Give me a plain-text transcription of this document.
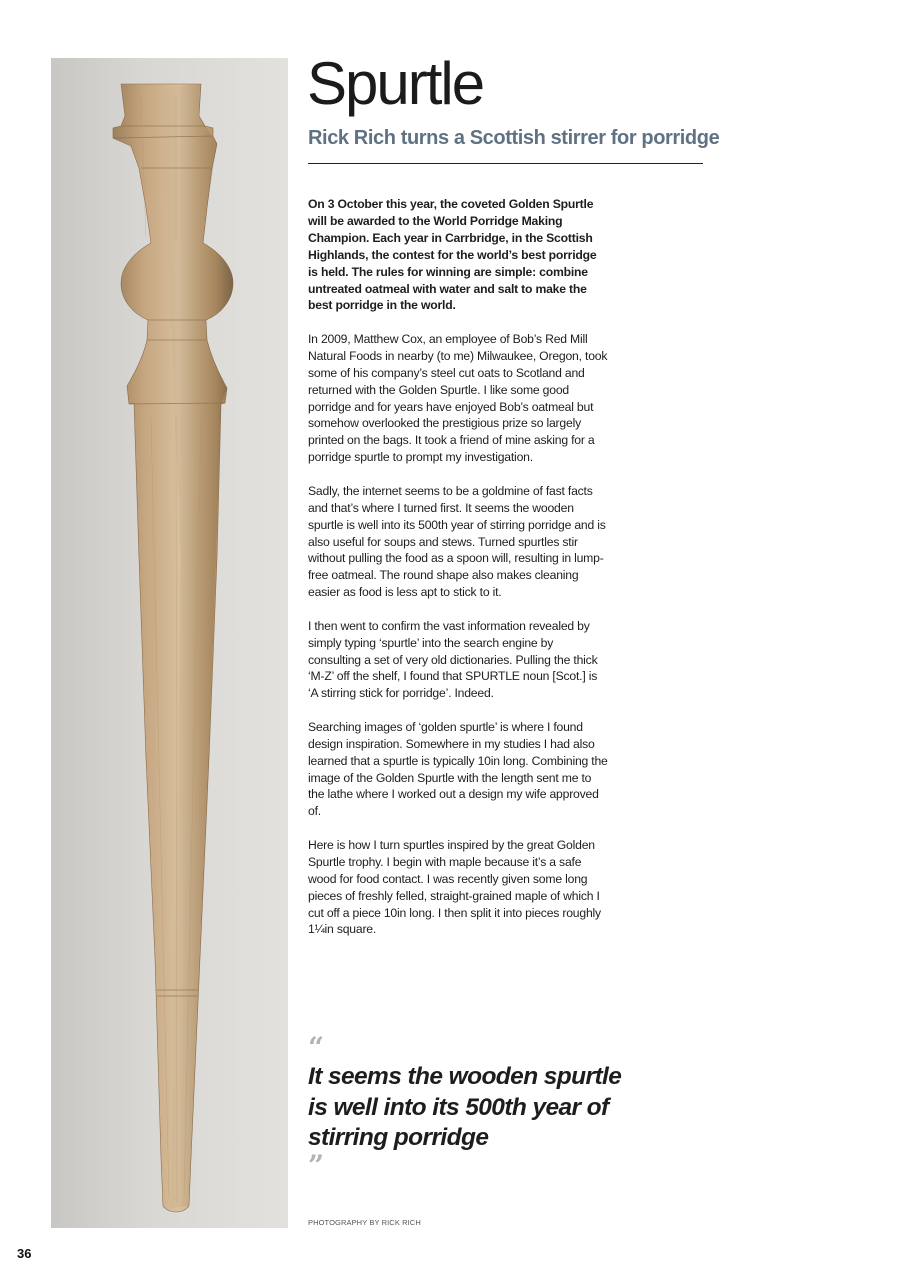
Spurtle
Rick Rich turns a Scottish stirrer for porridge

On 3 October this year, the coveted Golden Spurtle will be awarded to the World Porridge Making Champion. Each year in Carrbridge, in the Scottish Highlands, the contest for the world’s best porridge is held. The rules for winning are simple: combine untreated oatmeal with water and salt to make the best porridge in the world.

In 2009, Matthew Cox, an employee of Bob’s Red Mill Natural Foods in nearby (to me) Milwaukee, Oregon, took some of his company’s steel cut oats to Scotland and returned with the Golden Spurtle. I like some good porridge and for years have enjoyed Bob’s oatmeal but somehow overlooked the prestigious prize so largely printed on the bags. It took a friend of mine asking for a porridge spurtle to prompt my investigation.

Sadly, the internet seems to be a goldmine of fast facts and that’s where I turned first. It seems the wooden spurtle is well into its 500th year of stirring porridge and is also useful for soups and stews. Turned spurtles stir without pulling the food as a spoon will, resulting in lump-free oatmeal. The round shape also makes cleaning easier as food is less apt to stick to it.

I then went to confirm the vast information revealed by simply typing ‘spurtle’ into the search engine by consulting a set of very old dictionaries. Pulling the thick ‘M-Z’ off the shelf, I found that SPURTLE noun [Scot.] is ‘A stirring stick for porridge’. Indeed.

Searching images of ‘golden spurtle’ is where I found design inspiration. Somewhere in my studies I had also learned that a spurtle is typically 10in long. Combining the image of the Golden Spurtle with the length sent me to the lathe where I worked out a design my wife approved of.

Here is how I turn spurtles inspired by the great Golden Spurtle trophy. I begin with maple because it’s a safe wood for food contact. I was recently given some long pieces of freshly felled, straight-grained maple of which I cut off a piece 10in long. I then split it into pieces roughly 1¼in square.

“

It seems the wooden spurtle is well into its 500th year of stirring porridge

”
PHOTOGRAPHY BY RICK RICH
36
